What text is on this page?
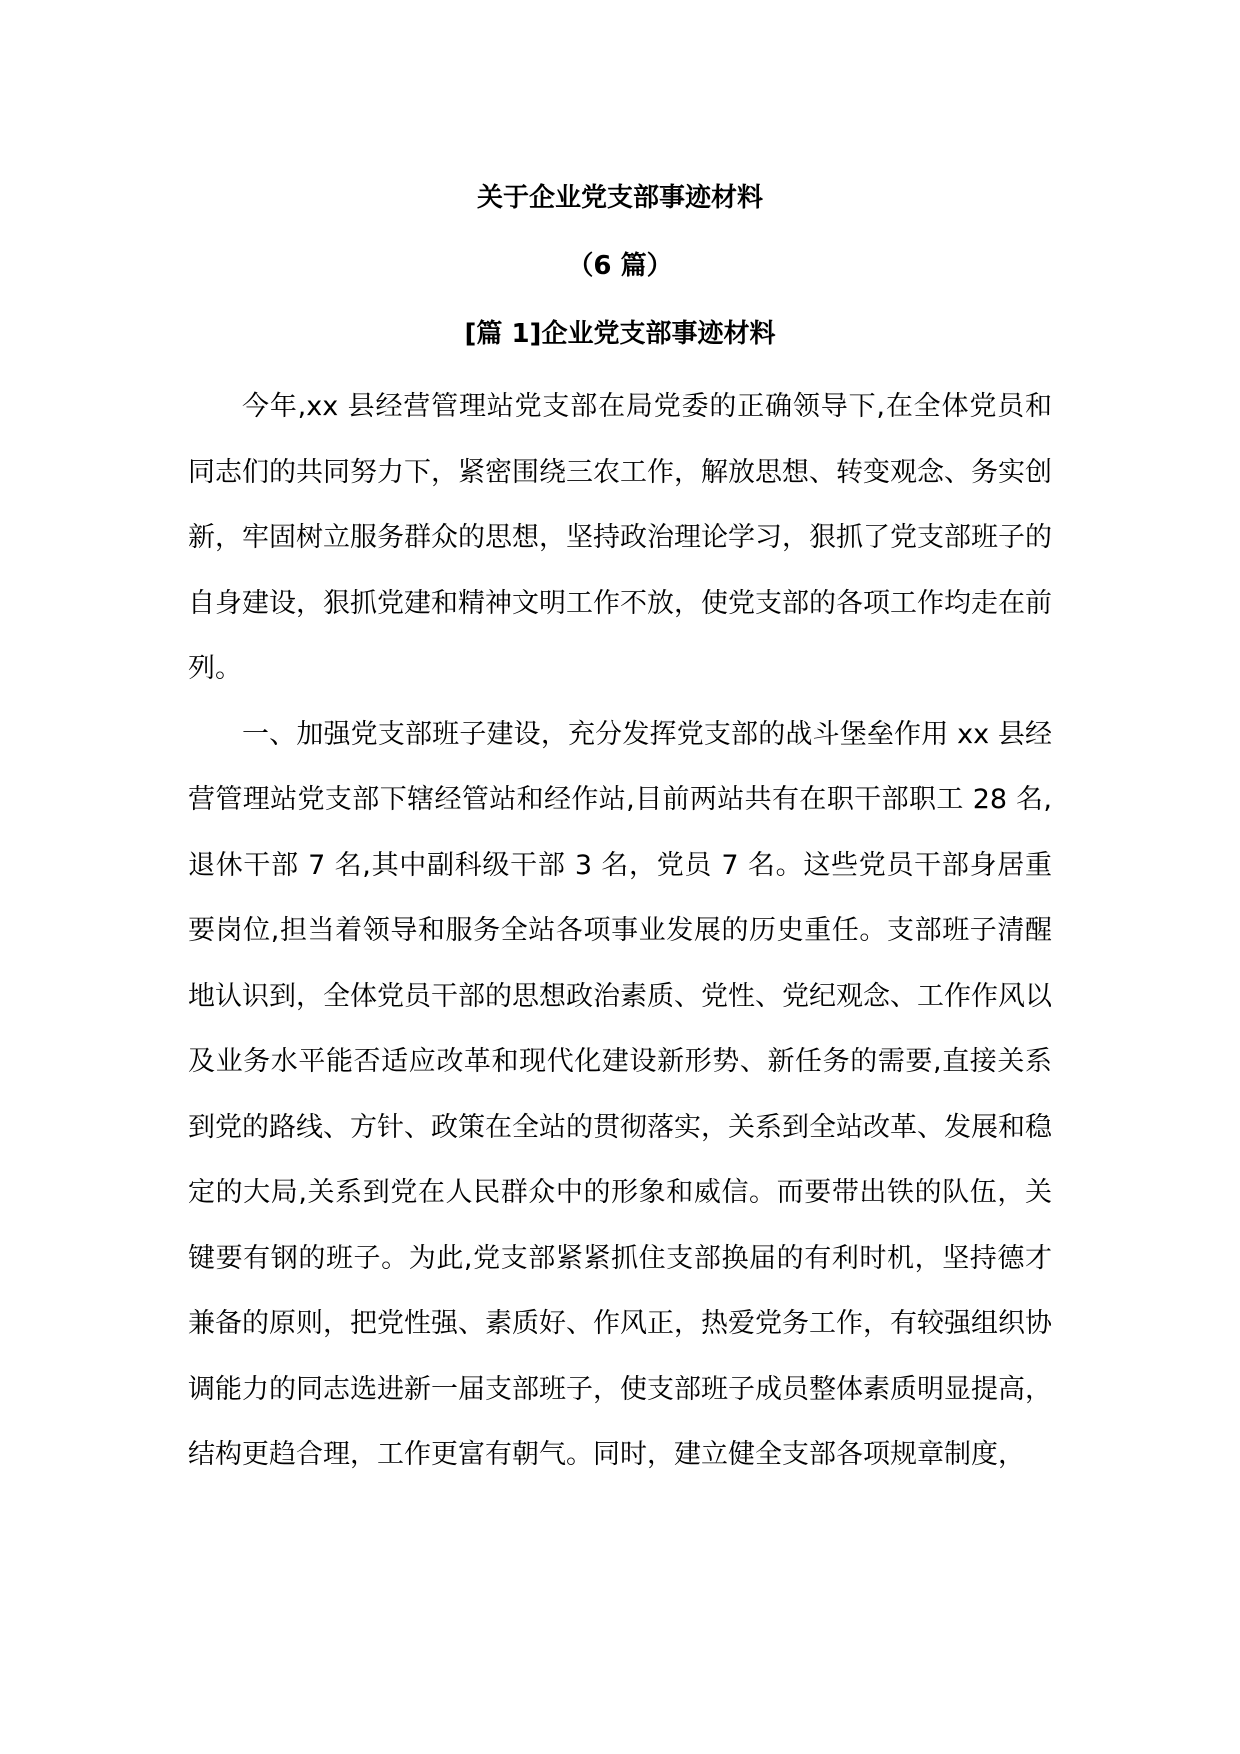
关于企业党支部事迹材料
（6 篇）
[篇 1]企业党支部事迹材料

今年,xx 县经营管理站党支部在局党委的正确领导下,在全体党员和同志们的共同努力下，紧密围绕三农工作，解放思想、转变观念、务实创新，牢固树立服务群众的思想，坚持政治理论学习，狠抓了党支部班子的自身建设，狠抓党建和精神文明工作不放，使党支部的各项工作均走在前列。

一、加强党支部班子建设，充分发挥党支部的战斗堡垒作用 xx 县经营管理站党支部下辖经管站和经作站,目前两站共有在职干部职工 28 名,退休干部 7 名,其中副科级干部 3 名，党员 7 名。这些党员干部身居重要岗位,担当着领导和服务全站各项事业发展的历史重任。支部班子清醒地认识到，全体党员干部的思想政治素质、党性、党纪观念、工作作风以及业务水平能否适应改革和现代化建设新形势、新任务的需要,直接关系到党的路线、方针、政策在全站的贯彻落实，关系到全站改革、发展和稳定的大局,关系到党在人民群众中的形象和威信。而要带出铁的队伍，关键要有钢的班子。为此,党支部紧紧抓住支部换届的有利时机，坚持德才兼备的原则，把党性强、素质好、作风正，热爱党务工作，有较强组织协调能力的同志选进新一届支部班子，使支部班子成员整体素质明显提高，结构更趋合理，工作更富有朝气。同时，建立健全支部各项规章制度，
